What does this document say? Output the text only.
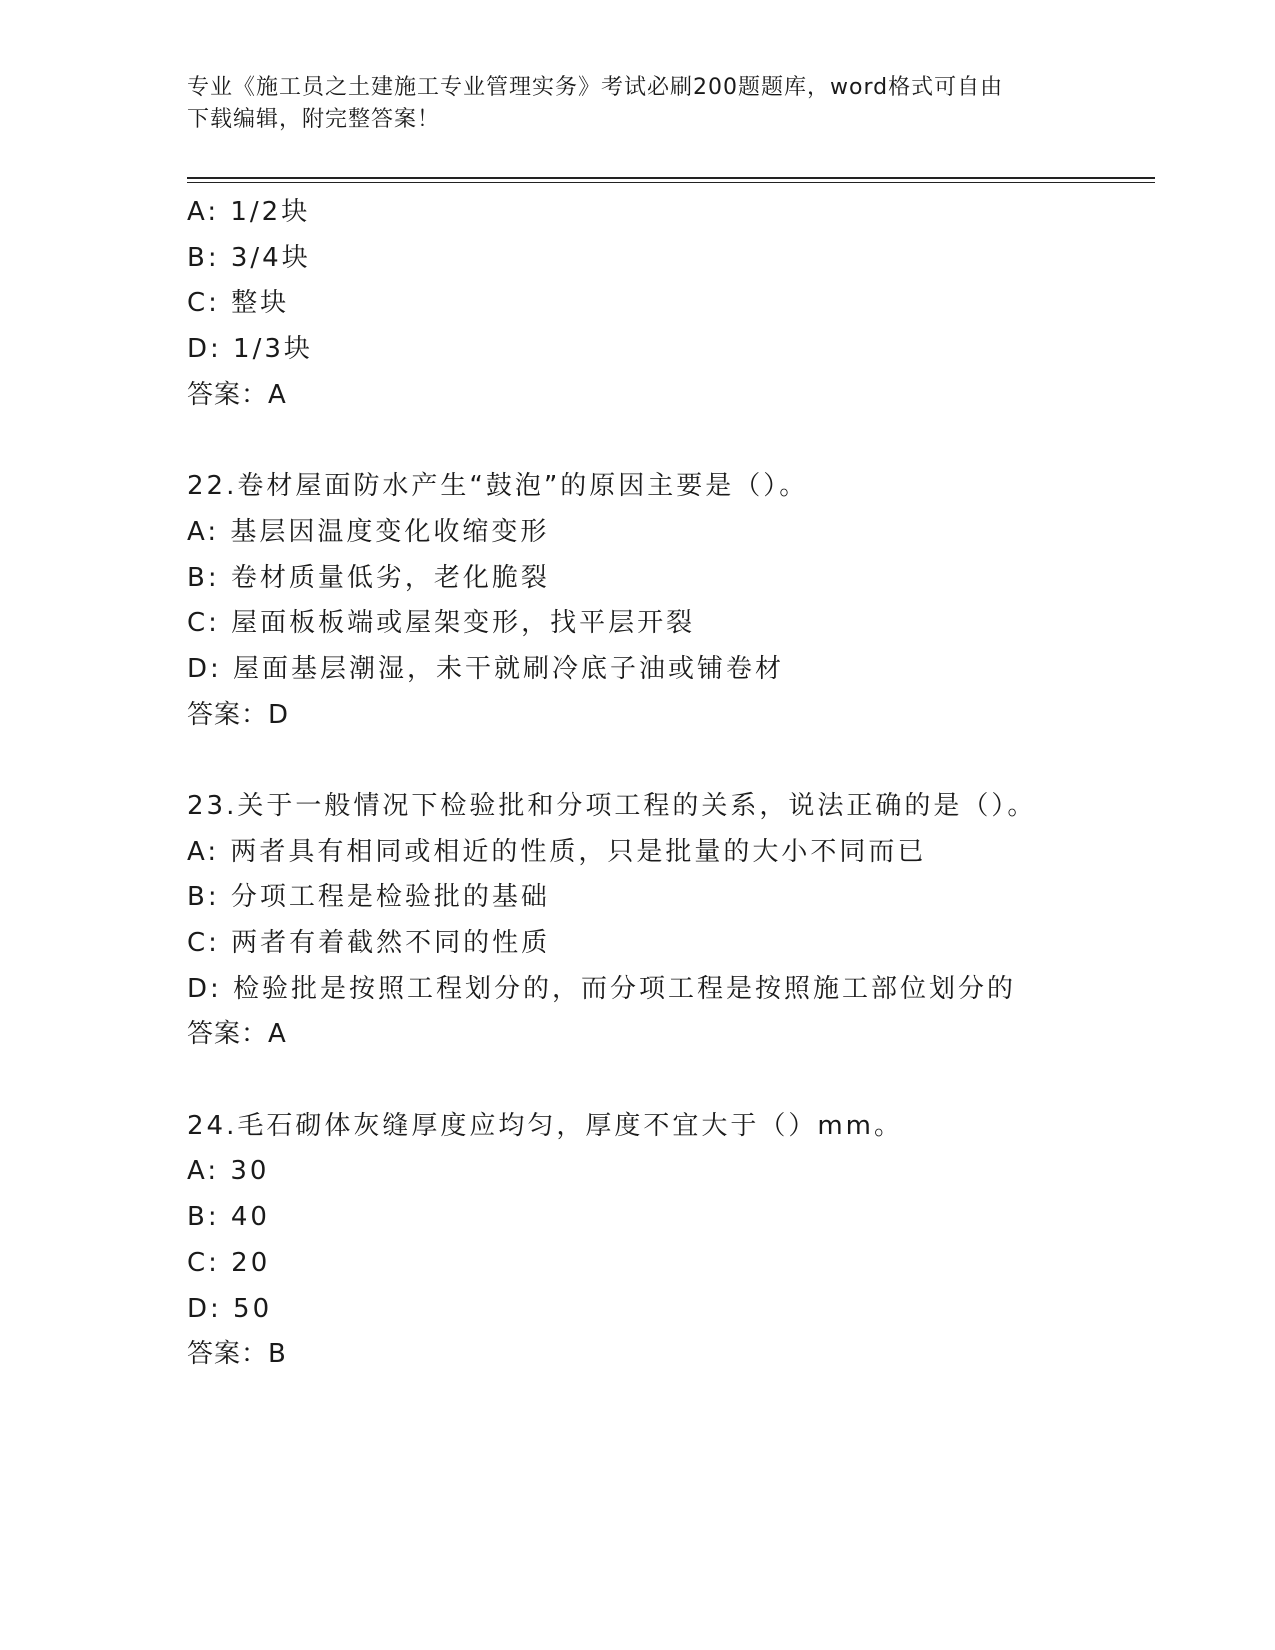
专业《施工员之土建施工专业管理实务》考试必刷200题题库，word格式可自由
下载编辑，附完整答案！
A: 1/2块
B: 3/4块
C: 整块
D: 1/3块
答案：A
22.卷材屋面防水产生“鼓泡”的原因主要是（）。
A: 基层因温度变化收缩变形
B: 卷材质量低劣，老化脆裂
C: 屋面板板端或屋架变形，找平层开裂
D: 屋面基层潮湿，未干就刷冷底子油或铺卷材
答案：D
23.关于一般情况下检验批和分项工程的关系，说法正确的是（）。
A: 两者具有相同或相近的性质，只是批量的大小不同而已
B: 分项工程是检验批的基础
C: 两者有着截然不同的性质
D: 检验批是按照工程划分的，而分项工程是按照施工部位划分的
答案：A
24.毛石砌体灰缝厚度应均匀，厚度不宜大于（）mm。
A: 30
B: 40
C: 20
D: 50
答案：B
